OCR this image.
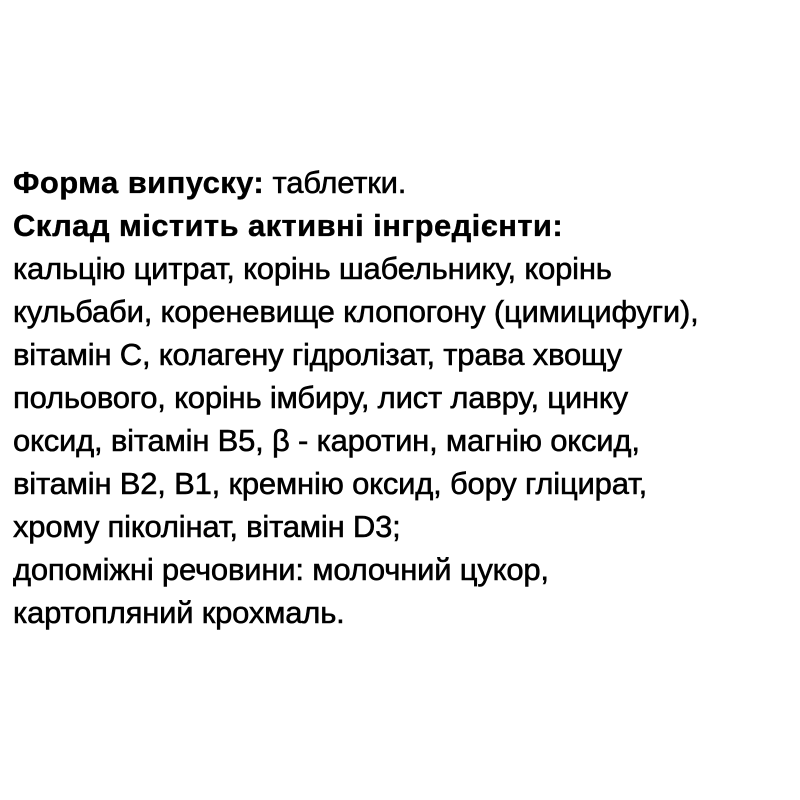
Форма випуску: таблетки.
Склад містить активні інгредієнти:
кальцію цитрат, корінь шабельнику, корінь
кульбаби, кореневище клопогону (цимицифуги),
вітамін С, колагену гідролізат, трава хвощу
польового, корінь імбиру, лист лавру, цинку
оксид, вітамін B5, β - каротин, магнію оксид,
вітамін B2, B1, кремнію оксид, бору гліцират,
хрому піколінат, вітамін D3;
допоміжні речовини: молочний цукор,
картопляний крохмаль.
